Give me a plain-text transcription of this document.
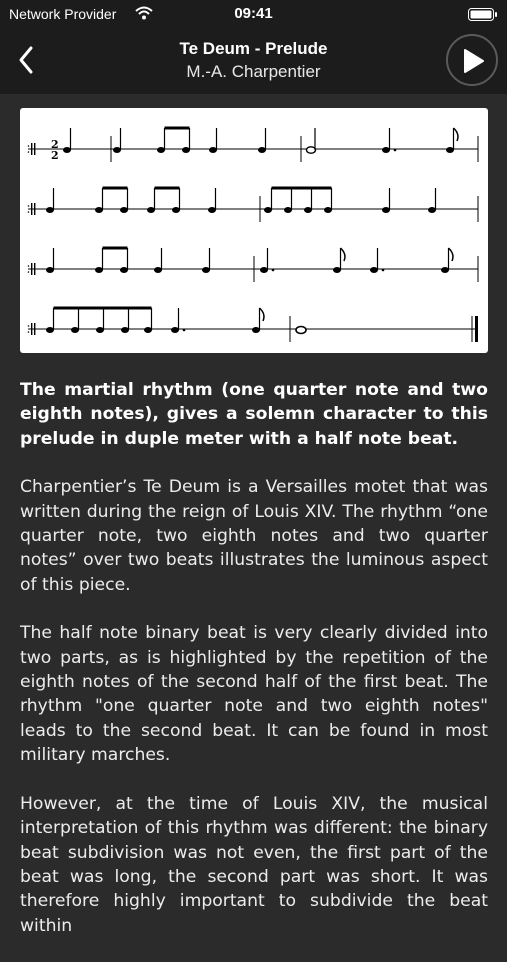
Network Provider	09:41
Te Deum - Prelude
M.-A. Charpentier
2
2

The martial rhythm (one quarter note and two eighth notes), gives a solemn character to this prelude in duple meter with a half note beat.

Charpentier’s Te Deum is a Versailles motet that was written during the reign of Louis XIV. The rhythm “one quarter note, two eighth notes and two quarter notes” over two beats illustrates the luminous aspect of this piece.

The half note binary beat is very clearly divided into two parts, as is highlighted by the repetition of the eighth notes of the second half of the first beat. The rhythm "one quarter note and two eighth notes" leads to the second beat. It can be found in most military marches.

However, at the time of Louis XIV, the musical interpretation of this rhythm was different: the binary beat subdivision was not even, the first part of the beat was long, the second part was short. It was therefore highly important to subdivide the beat within
